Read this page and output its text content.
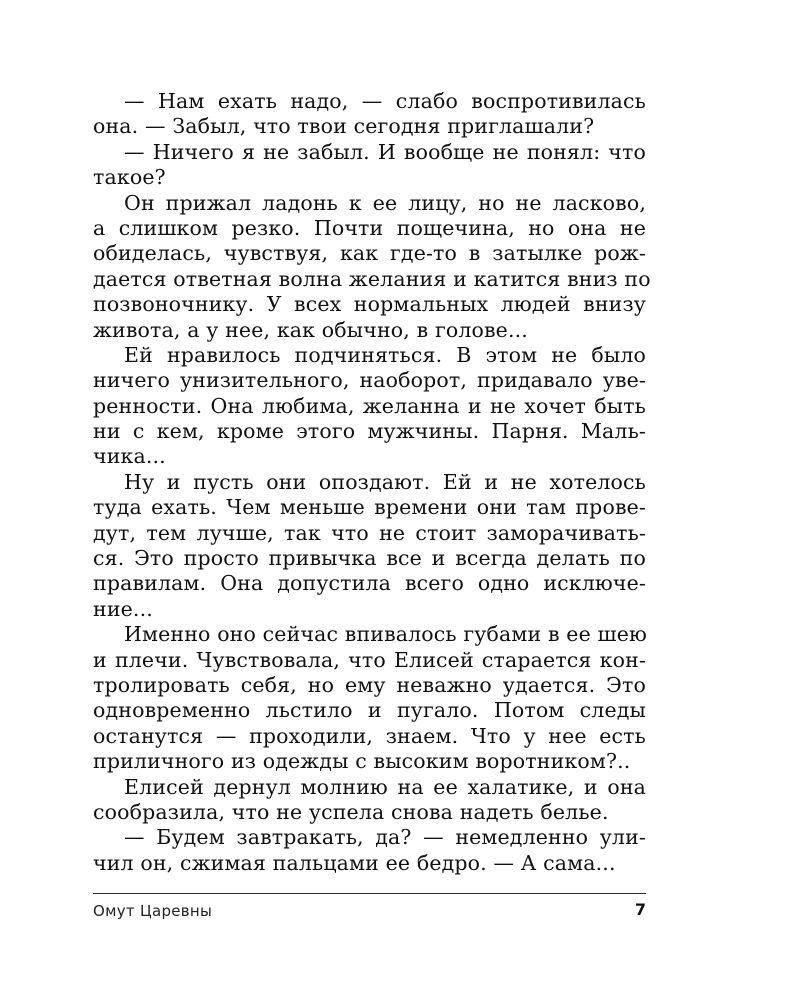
— Нам ехать надо, — слабо воспротивилась
она. — Забыл, что твои сегодня приглашали?
— Ничего я не забыл. И вообще не понял: что
такое?
Он прижал ладонь к ее лицу, но не ласково,
а слишком резко. Почти пощечина, но она не
обиделась, чувствуя, как где-то в затылке рож-
дается ответная волна желания и катится вниз по
позвоночнику. У всех нормальных людей внизу
живота, а у нее, как обычно, в голове...
Ей нравилось подчиняться. В этом не было
ничего унизительного, наоборот, придавало уве-
ренности. Она любима, желанна и не хочет быть
ни с кем, кроме этого мужчины. Парня. Маль-
чика...
Ну и пусть они опоздают. Ей и не хотелось
туда ехать. Чем меньше времени они там прове-
дут, тем лучше, так что не стоит заморачивать-
ся. Это просто привычка все и всегда делать по
правилам. Она допустила всего одно исключе-
ние...
Именно оно сейчас впивалось губами в ее шею
и плечи. Чувствовала, что Елисей старается кон-
тролировать себя, но ему неважно удается. Это
одновременно льстило и пугало. Потом следы
останутся — проходили, знаем. Что у нее есть
приличного из одежды с высоким воротником?..
Елисей дернул молнию на ее халатике, и она
сообразила, что не успела снова надеть белье.
— Будем завтракать, да? — немедленно ули-
чил он, сжимая пальцами ее бедро. — А сама...
Омут Царевны	7
